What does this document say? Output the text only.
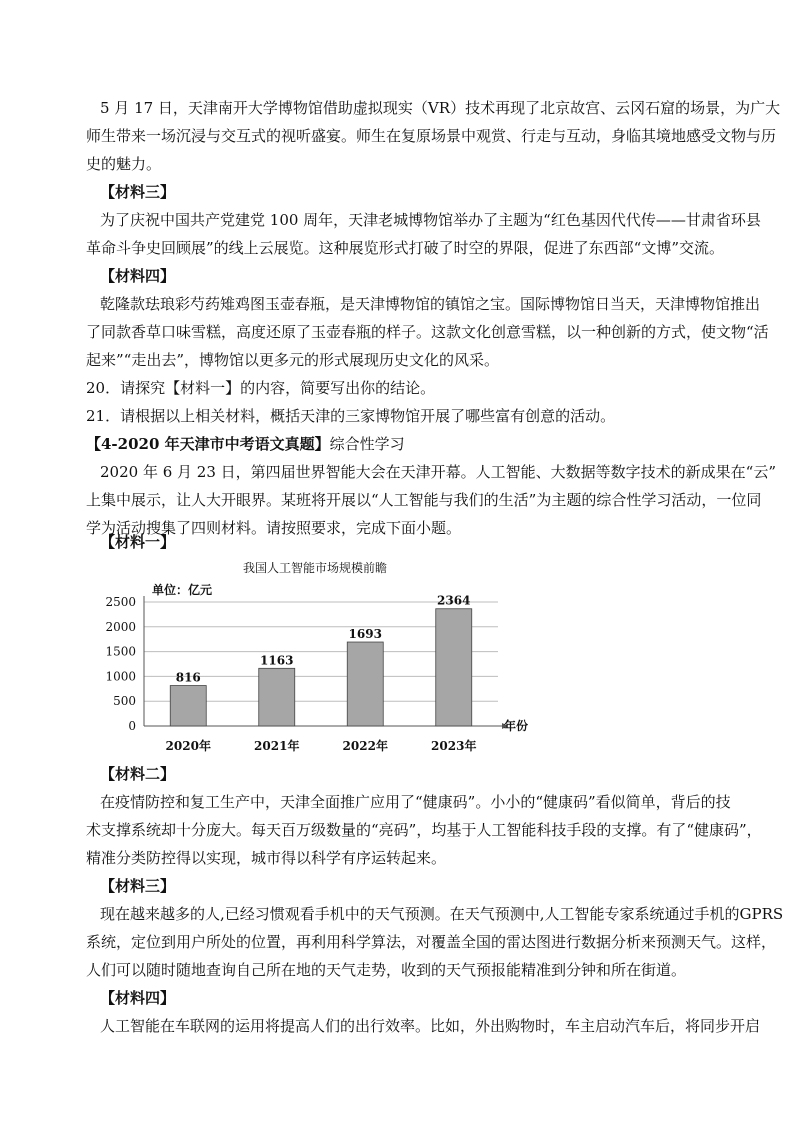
5 月 17 日，天津南开大学博物馆借助虚拟现实（VR）技术再现了北京故宫、云冈石窟的场景，为广大

师生带来一场沉浸与交互式的视听盛宴。师生在复原场景中观赏、行走与互动，身临其境地感受文物与历

史的魅力。

【材料三】

为了庆祝中国共产党建党 100 周年，天津老城博物馆举办了主题为“红色基因代代传——甘肃省环县

革命斗争史回顾展”的线上云展览。这种展览形式打破了时空的界限，促进了东西部“文博”交流。

【材料四】

乾隆款珐琅彩芍药雉鸡图玉壶春瓶，是天津博物馆的镇馆之宝。国际博物馆日当天，天津博物馆推出

了同款香草口味雪糕，高度还原了玉壶春瓶的样子。这款文化创意雪糕，以一种创新的方式，使文物“活

起来”“走出去”，博物馆以更多元的形式展现历史文化的风采。

20．请探究【材料一】的内容，简要写出你的结论。

21．请根据以上相关材料，概括天津的三家博物馆开展了哪些富有创意的活动。

【4-2020 年天津市中考语文真题】综合性学习

2020 年 6 月 23 日，第四届世界智能大会在天津开幕。人工智能、大数据等数字技术的新成果在“云”

上集中展示，让人大开眼界。某班将开展以“人工智能与我们的生活”为主题的综合性学习活动，一位同

学为活动搜集了四则材料。请按照要求，完成下面小题。

【材料一】

我国人工智能市场规模前瞻
单位：亿元
816
1163
1693
2364
0
500
1000
1500
2000
2500
2020年	2021年	2022年	2023年
年份

【材料二】

在疫情防控和复工生产中，天津全面推广应用了“健康码”。小小的“健康码”看似简单，背后的技

术支撑系统却十分庞大。每天百万级数量的“亮码”，均基于人工智能科技手段的支撑。有了“健康码”，

精准分类防控得以实现，城市得以科学有序运转起来。

【材料三】

现在越来越多的人,已经习惯观看手机中的天气预测。在天气预测中,人工智能专家系统通过手机的GPRS

系统，定位到用户所处的位置，再利用科学算法，对覆盖全国的雷达图进行数据分析来预测天气。这样，

人们可以随时随地查询自己所在地的天气走势，收到的天气预报能精准到分钟和所在街道。

【材料四】

人工智能在车联网的运用将提高人们的出行效率。比如，外出购物时，车主启动汽车后，将同步开启
